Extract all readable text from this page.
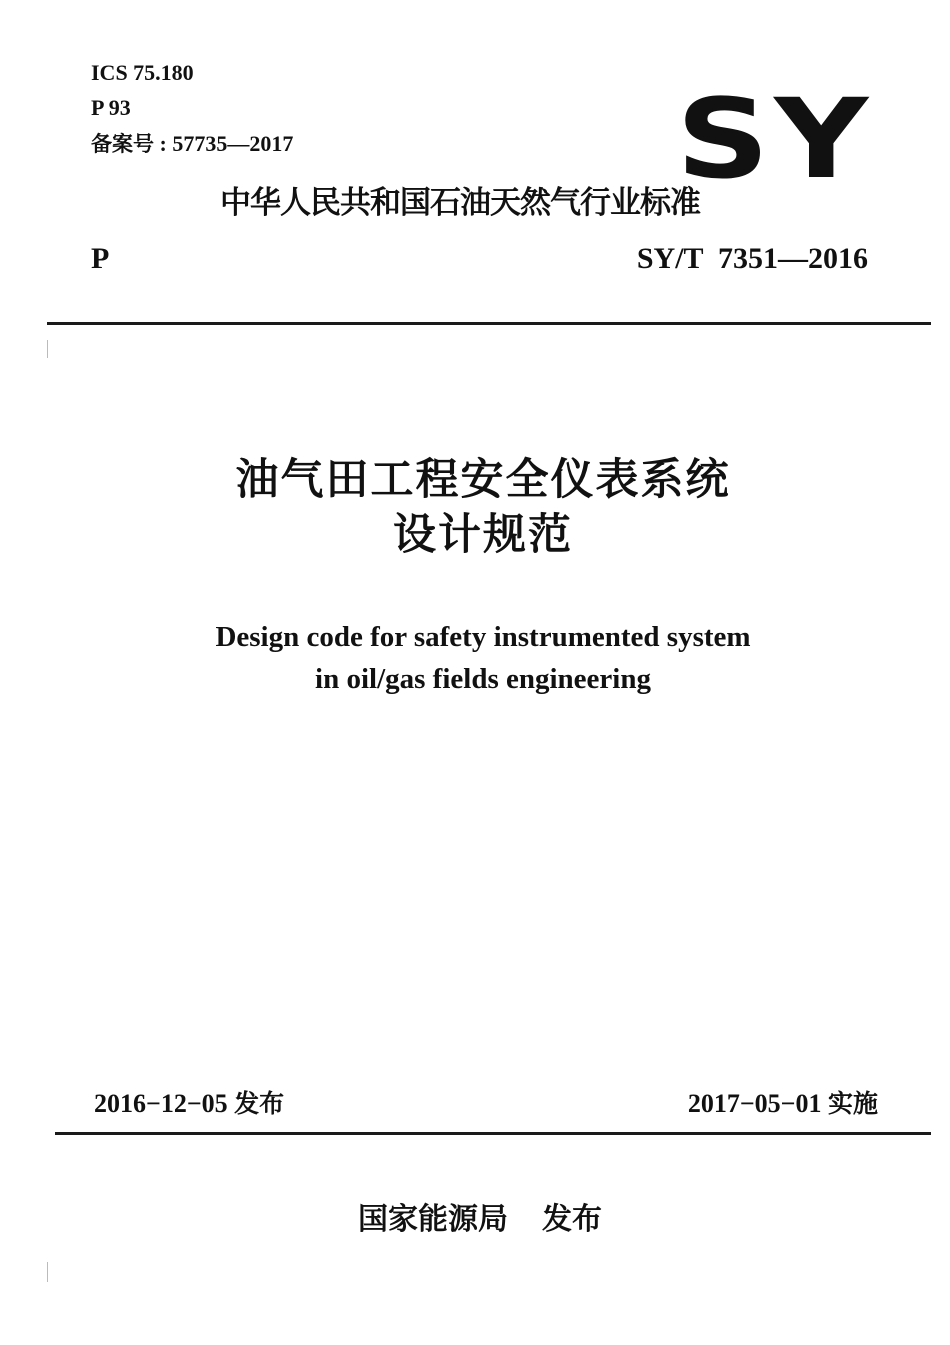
ICS 75.180
P 93
备案号 : 57735—2017	SY
中华人民共和国石油天然气行业标准
P	SY/T  7351—2016
油气田工程安全仪表系统
设计规范
Design code for safety instrumented system
in oil/gas fields engineering
2016−12−05 发布	2017−05−01 实施
国家能源局 发布
